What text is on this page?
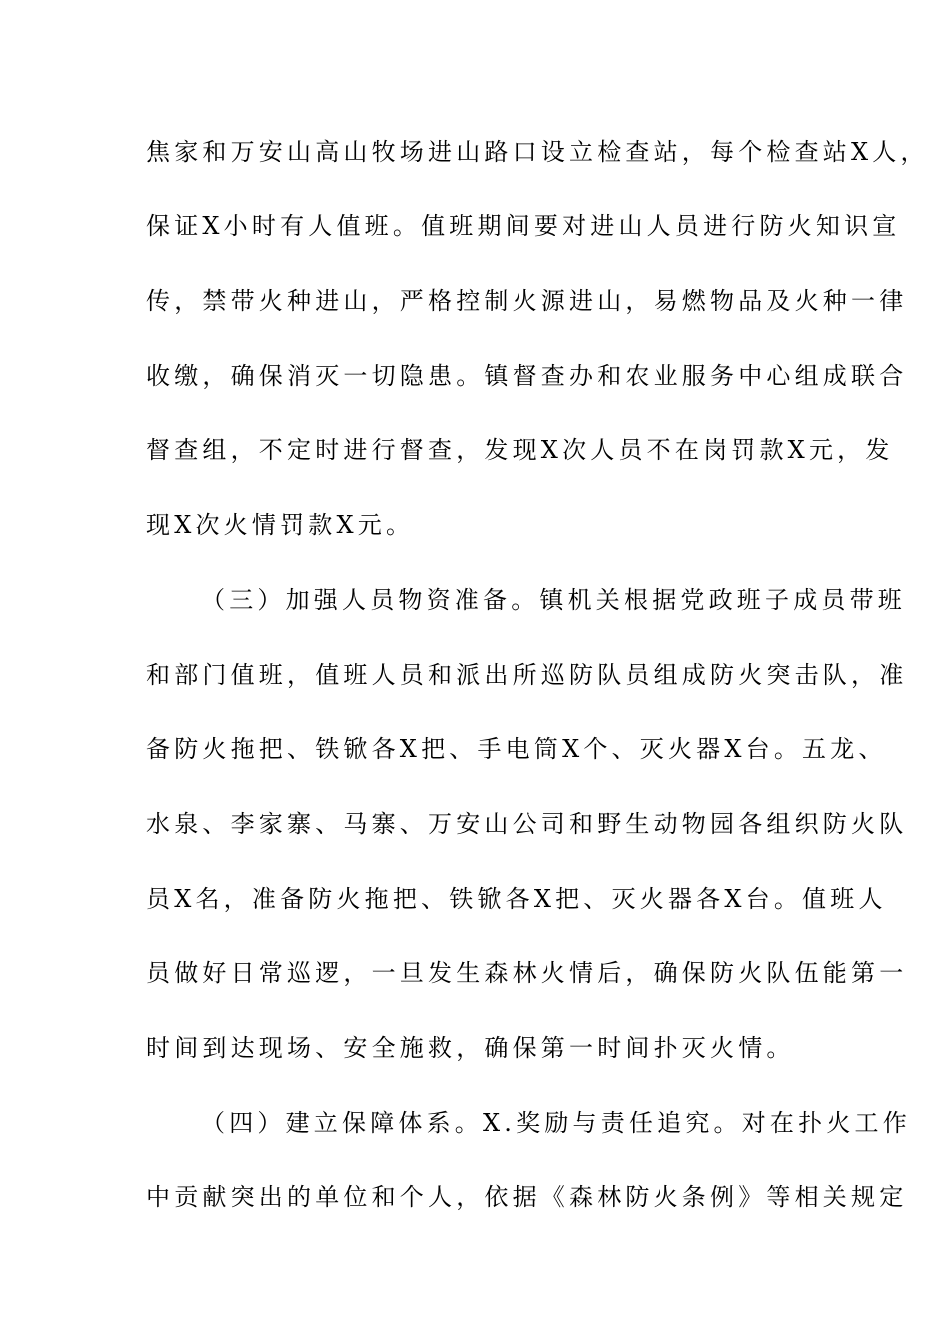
焦家和万安山高山牧场进山路口设立检查站，每个检查站X人，
保证X小时有人值班。值班期间要对进山人员进行防火知识宣
传，禁带火种进山，严格控制火源进山，易燃物品及火种一律
收缴，确保消灭一切隐患。镇督查办和农业服务中心组成联合
督查组，不定时进行督查，发现X次人员不在岗罚款X元，发
现X次火情罚款X元。
（三）加强人员物资准备。镇机关根据党政班子成员带班
和部门值班，值班人员和派出所巡防队员组成防火突击队，准
备防火拖把、铁锨各X把、手电筒X个、灭火器X台。五龙、
水泉、李家寨、马寨、万安山公司和野生动物园各组织防火队
员X名，准备防火拖把、铁锨各X把、灭火器各X台。值班人
员做好日常巡逻，一旦发生森林火情后，确保防火队伍能第一
时间到达现场、安全施救，确保第一时间扑灭火情。
（四）建立保障体系。X.奖励与责任追究。对在扑火工作
中贡献突出的单位和个人，依据《森林防火条例》等相关规定
